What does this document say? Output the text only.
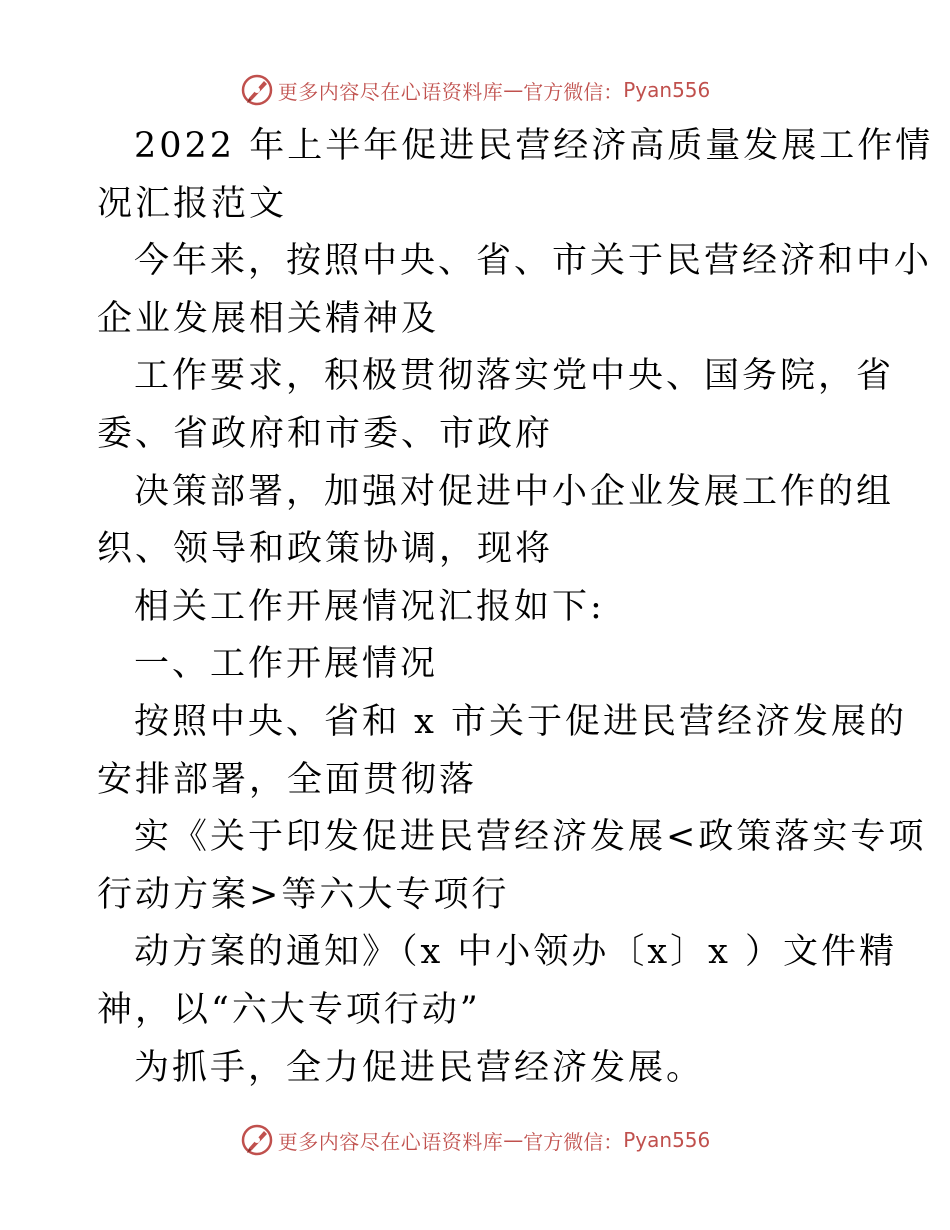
更多内容尽在心语资料库 — 官方微信： Pyan556
2022 年上半年促进民营经济高质量发展工作情
况汇报范文
今年来，按照中央、省、市关于民营经济和中小
企业发展相关精神及
工作要求，积极贯彻落实党中央、国务院，省
委、省政府和市委、市政府
决策部署，加强对促进中小企业发展工作的组
织、领导和政策协调，现将
相关工作开展情况汇报如下:
一、工作开展情况
按照中央、省和 x 市关于促进民营经济发展的
安排部署，全面贯彻落
实《关于印发促进民营经济发展<政策落实专项
行动方案>等六大专项行
动方案的通知》（x 中小领办〔x〕x ）文件精
神，以“六大专项行动”
为抓手，全力促进民营经济发展。
更多内容尽在心语资料库 — 官方微信： Pyan556
